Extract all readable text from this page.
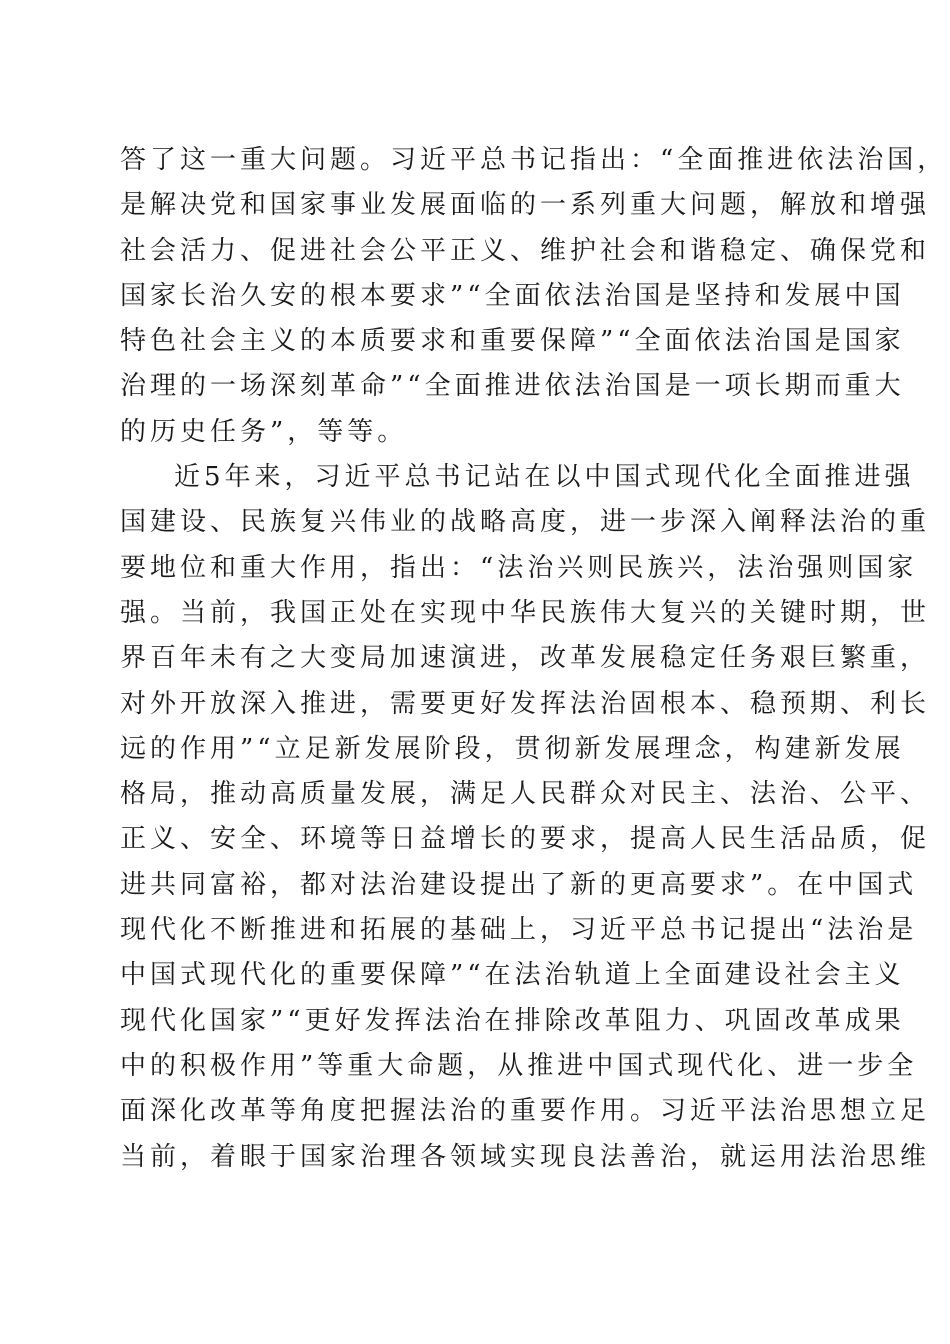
答了这一重大问题。习近平总书记指出：“全面推进依法治国，
是解决党和国家事业发展面临的一系列重大问题，解放和增强
社会活力、促进社会公平正义、维护社会和谐稳定、确保党和
国家长治久安的根本要求”“全面依法治国是坚持和发展中国
特色社会主义的本质要求和重要保障”“全面依法治国是国家
治理的一场深刻革命”“全面推进依法治国是一项长期而重大
的历史任务”，等等。
近5年来，习近平总书记站在以中国式现代化全面推进强
国建设、民族复兴伟业的战略高度，进一步深入阐释法治的重
要地位和重大作用，指出：“法治兴则民族兴，法治强则国家
强。当前，我国正处在实现中华民族伟大复兴的关键时期，世
界百年未有之大变局加速演进，改革发展稳定任务艰巨繁重，
对外开放深入推进，需要更好发挥法治固根本、稳预期、利长
远的作用”“立足新发展阶段，贯彻新发展理念，构建新发展
格局，推动高质量发展，满足人民群众对民主、法治、公平、
正义、安全、环境等日益增长的要求，提高人民生活品质，促
进共同富裕，都对法治建设提出了新的更高要求”。在中国式
现代化不断推进和拓展的基础上，习近平总书记提出“法治是
中国式现代化的重要保障”“在法治轨道上全面建设社会主义
现代化国家”“更好发挥法治在排除改革阻力、巩固改革成果
中的积极作用”等重大命题，从推进中国式现代化、进一步全
面深化改革等角度把握法治的重要作用。习近平法治思想立足
当前，着眼于国家治理各领域实现良法善治，就运用法治思维
